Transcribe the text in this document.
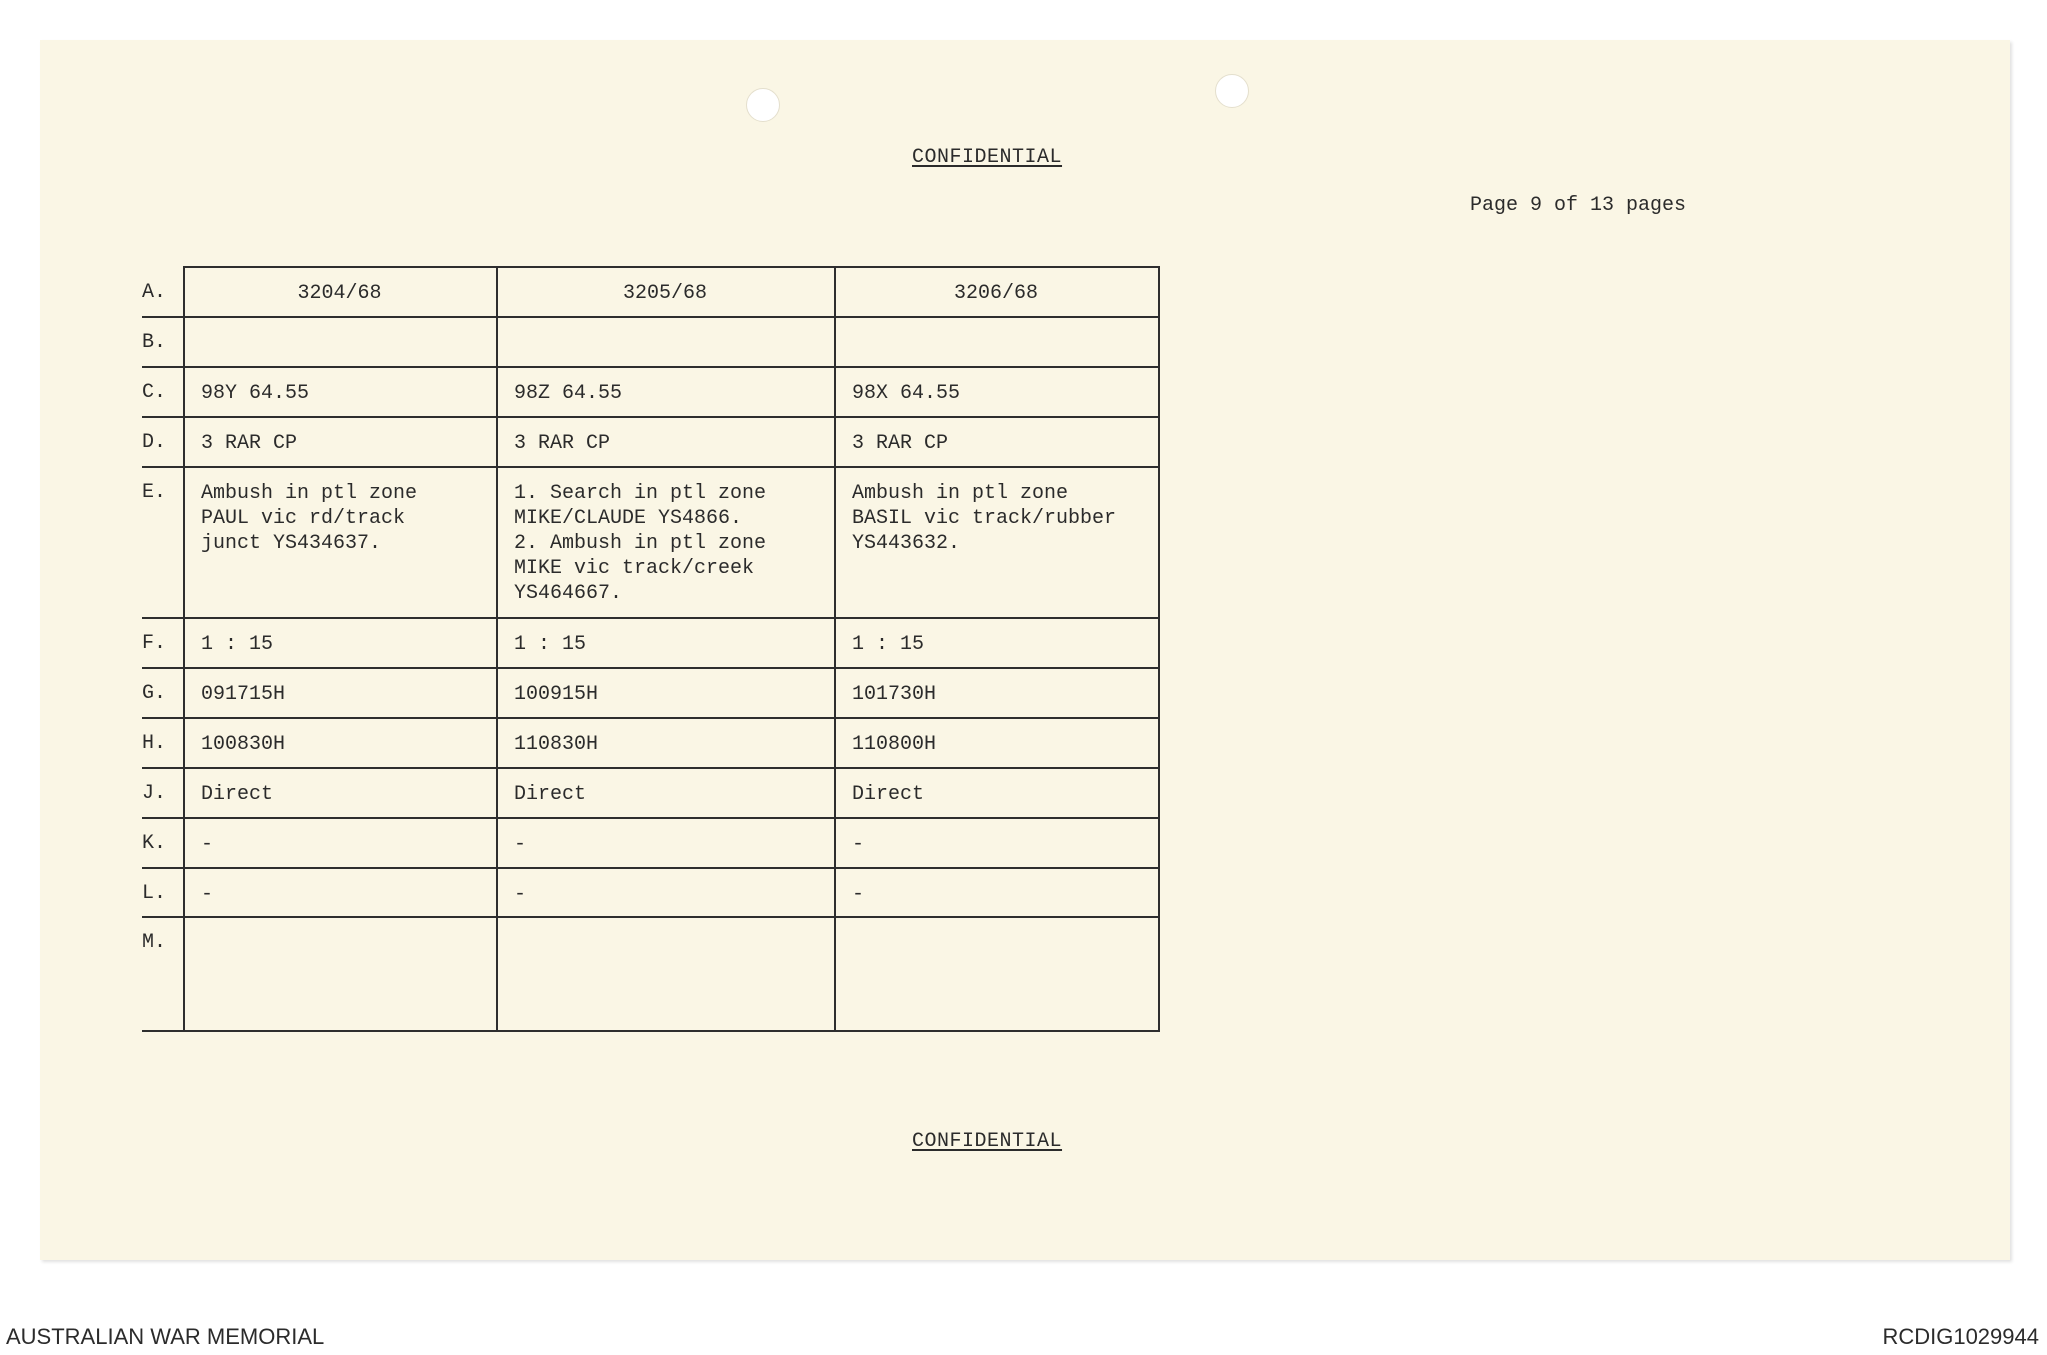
CONFIDENTIAL
Page 9 of 13 pages
A.
B.
C.
D.
E.
F.
G.
H.
J.
K.
L.
M.
3204/68
98Y 64.55
3 RAR CP
Ambush in ptl zone
PAUL vic rd/track
junct YS434637.
1 : 15
091715H
100830H
Direct
-
-
3205/68
98Z 64.55
3 RAR CP
1. Search in ptl zone
MIKE/CLAUDE YS4866.
2. Ambush in ptl zone
MIKE vic track/creek
YS464667.
1 : 15
100915H
110830H
Direct
-
-
3206/68
98X 64.55
3 RAR CP
Ambush in ptl zone
BASIL vic track/rubber
YS443632.
1 : 15
101730H
110800H
Direct
-
-
CONFIDENTIAL
AUSTRALIAN WAR MEMORIAL	RCDIG1029944
